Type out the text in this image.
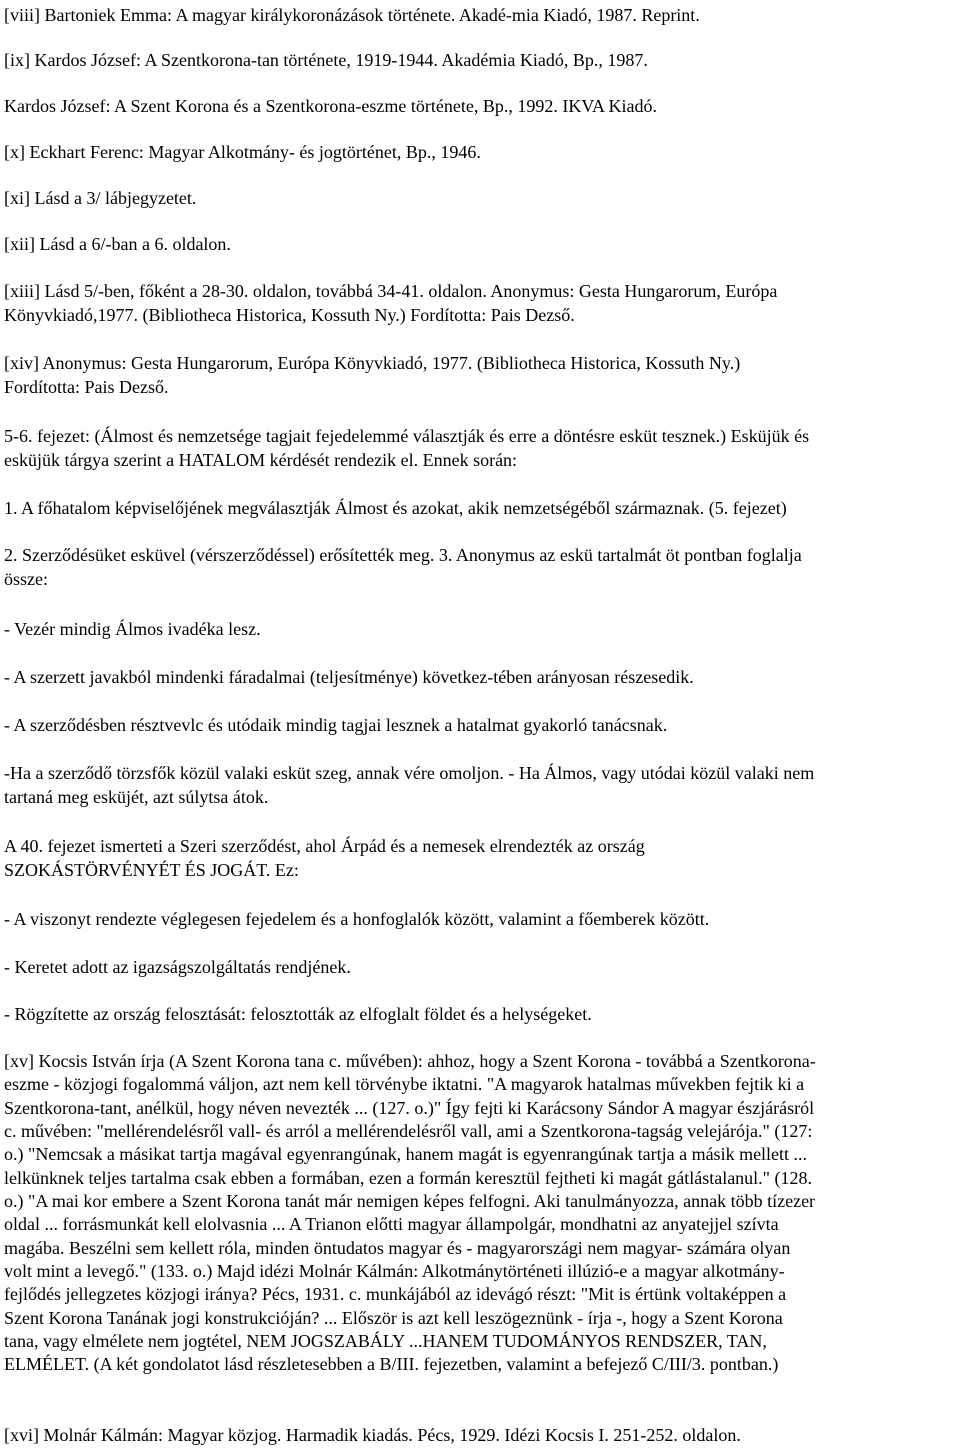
[viii] Bartoniek Emma: A magyar királykoronázások története. Akadé-mia Kiadó, 1987. Reprint.

[ix] Kardos József: A Szentkorona-tan története, 1919-1944. Akadémia Kiadó, Bp., 1987.

Kardos József: A Szent Korona és a Szentkorona-eszme története, Bp., 1992. IKVA Kiadó.

[x] Eckhart Ferenc: Magyar Alkotmány- és jogtörténet, Bp., 1946.

[xi] Lásd a 3/ lábjegyzetet.

[xii] Lásd a 6/-ban a 6. oldalon.

[xiii] Lásd 5/-ben, főként a 28-30. oldalon, továbbá 34-41. oldalon. Anonymus: Gesta Hungarorum, Európa
Könyvkiadó,1977. (Bibliotheca Historica, Kossuth Ny.) Fordította: Pais Dezső.
[xiv] Anonymus: Gesta Hungarorum, Európa Könyvkiadó, 1977. (Bibliotheca Historica, Kossuth Ny.)
Fordította: Pais Dezső.
5-6. fejezet: (Álmost és nemzetsége tagjait fejedelemmé választják és erre a döntésre esküt tesznek.) Esküjük és
esküjük tárgya szerint a HATALOM kérdését rendezik el. Ennek során:

1. A főhatalom képviselőjének megválasztják Álmost és azokat, akik nemzetségéből származnak. (5. fejezet)

2. Szerződésüket esküvel (vérszerződéssel) erősítették meg. 3. Anonymus az eskü tartalmát öt pontban foglalja
össze:

- Vezér mindig Álmos ivadéka lesz.

- A szerzett javakból mindenki fáradalmai (teljesítménye) következ-tében arányosan részesedik.

- A szerződésben résztvevlc és utódaik mindig tagjai lesznek a hatalmat gyakorló tanácsnak.

-Ha a szerződő törzsfők közül valaki esküt szeg, annak vére omoljon. - Ha Álmos, vagy utódai közül valaki nem
tartaná meg esküjét, azt súlytsa átok.
A 40. fejezet ismerteti a Szeri szerződést, ahol Árpád és a nemesek elrendezték az ország
SZOKÁSTÖRVÉNYÉT ÉS JOGÁT. Ez:

- A viszonyt rendezte véglegesen fejedelem és a honfoglalók között, valamint a főemberek között.

- Keretet adott az igazságszolgáltatás rendjének.

- Rögzítette az ország felosztását: felosztották az elfoglalt földet és a helységeket.

[xv] Kocsis István írja (A Szent Korona tana c. művében): ahhoz, hogy a Szent Korona - továbbá a Szentkorona-
eszme - közjogi fogalommá váljon, azt nem kell törvénybe iktatni. "A magyarok hatalmas művekben fejtik ki a
Szentkorona-tant, anélkül, hogy néven nevezték ... (127. o.)" Így fejti ki Karácsony Sándor A magyar észjárásról
c. művében: "mellérendelésről vall- és arról a mellérendelésről vall, ami a Szentkorona-tagság velejárója." (127:
o.) "Nemcsak a másikat tartja magával egyenrangúnak, hanem magát is egyenrangúnak tartja a másik mellett ...
lelkünknek teljes tartalma csak ebben a formában, ezen a formán keresztül fejtheti ki magát gátlástalanul." (128.
o.) "A mai kor embere a Szent Korona tanát már nemigen képes felfogni. Aki tanulmányozza, annak több tízezer
oldal ... forrásmunkát kell elolvasnia ... A Trianon előtti magyar állampolgár, mondhatni az anyatejjel szívta
magába. Beszélni sem kellett róla, minden öntudatos magyar és - magyarországi nem magyar- számára olyan
volt mint a levegő." (133. o.) Majd idézi Molnár Kálmán: Alkotmánytörténeti illúzió-e a magyar alkotmány-
fejlődés jellegzetes közjogi iránya? Pécs, 1931. c. munkájából az idevágó részt: "Mit is értünk voltaképpen a
Szent Korona Tanának jogi konstrukcióján? ... Először is azt kell leszögeznünk - írja -, hogy a Szent Korona
tana, vagy elmélete nem jogtétel, NEM JOGSZABÁLY ...HANEM TUDOMÁNYOS RENDSZER, TAN,
ELMÉLET. (A két gondolatot lásd részletesebben a B/III. fejezetben, valamint a befejező C/III/3. pontban.)

[xvi] Molnár Kálmán: Magyar közjog. Harmadik kiadás. Pécs, 1929. Idézi Kocsis I. 251-252. oldalon.
